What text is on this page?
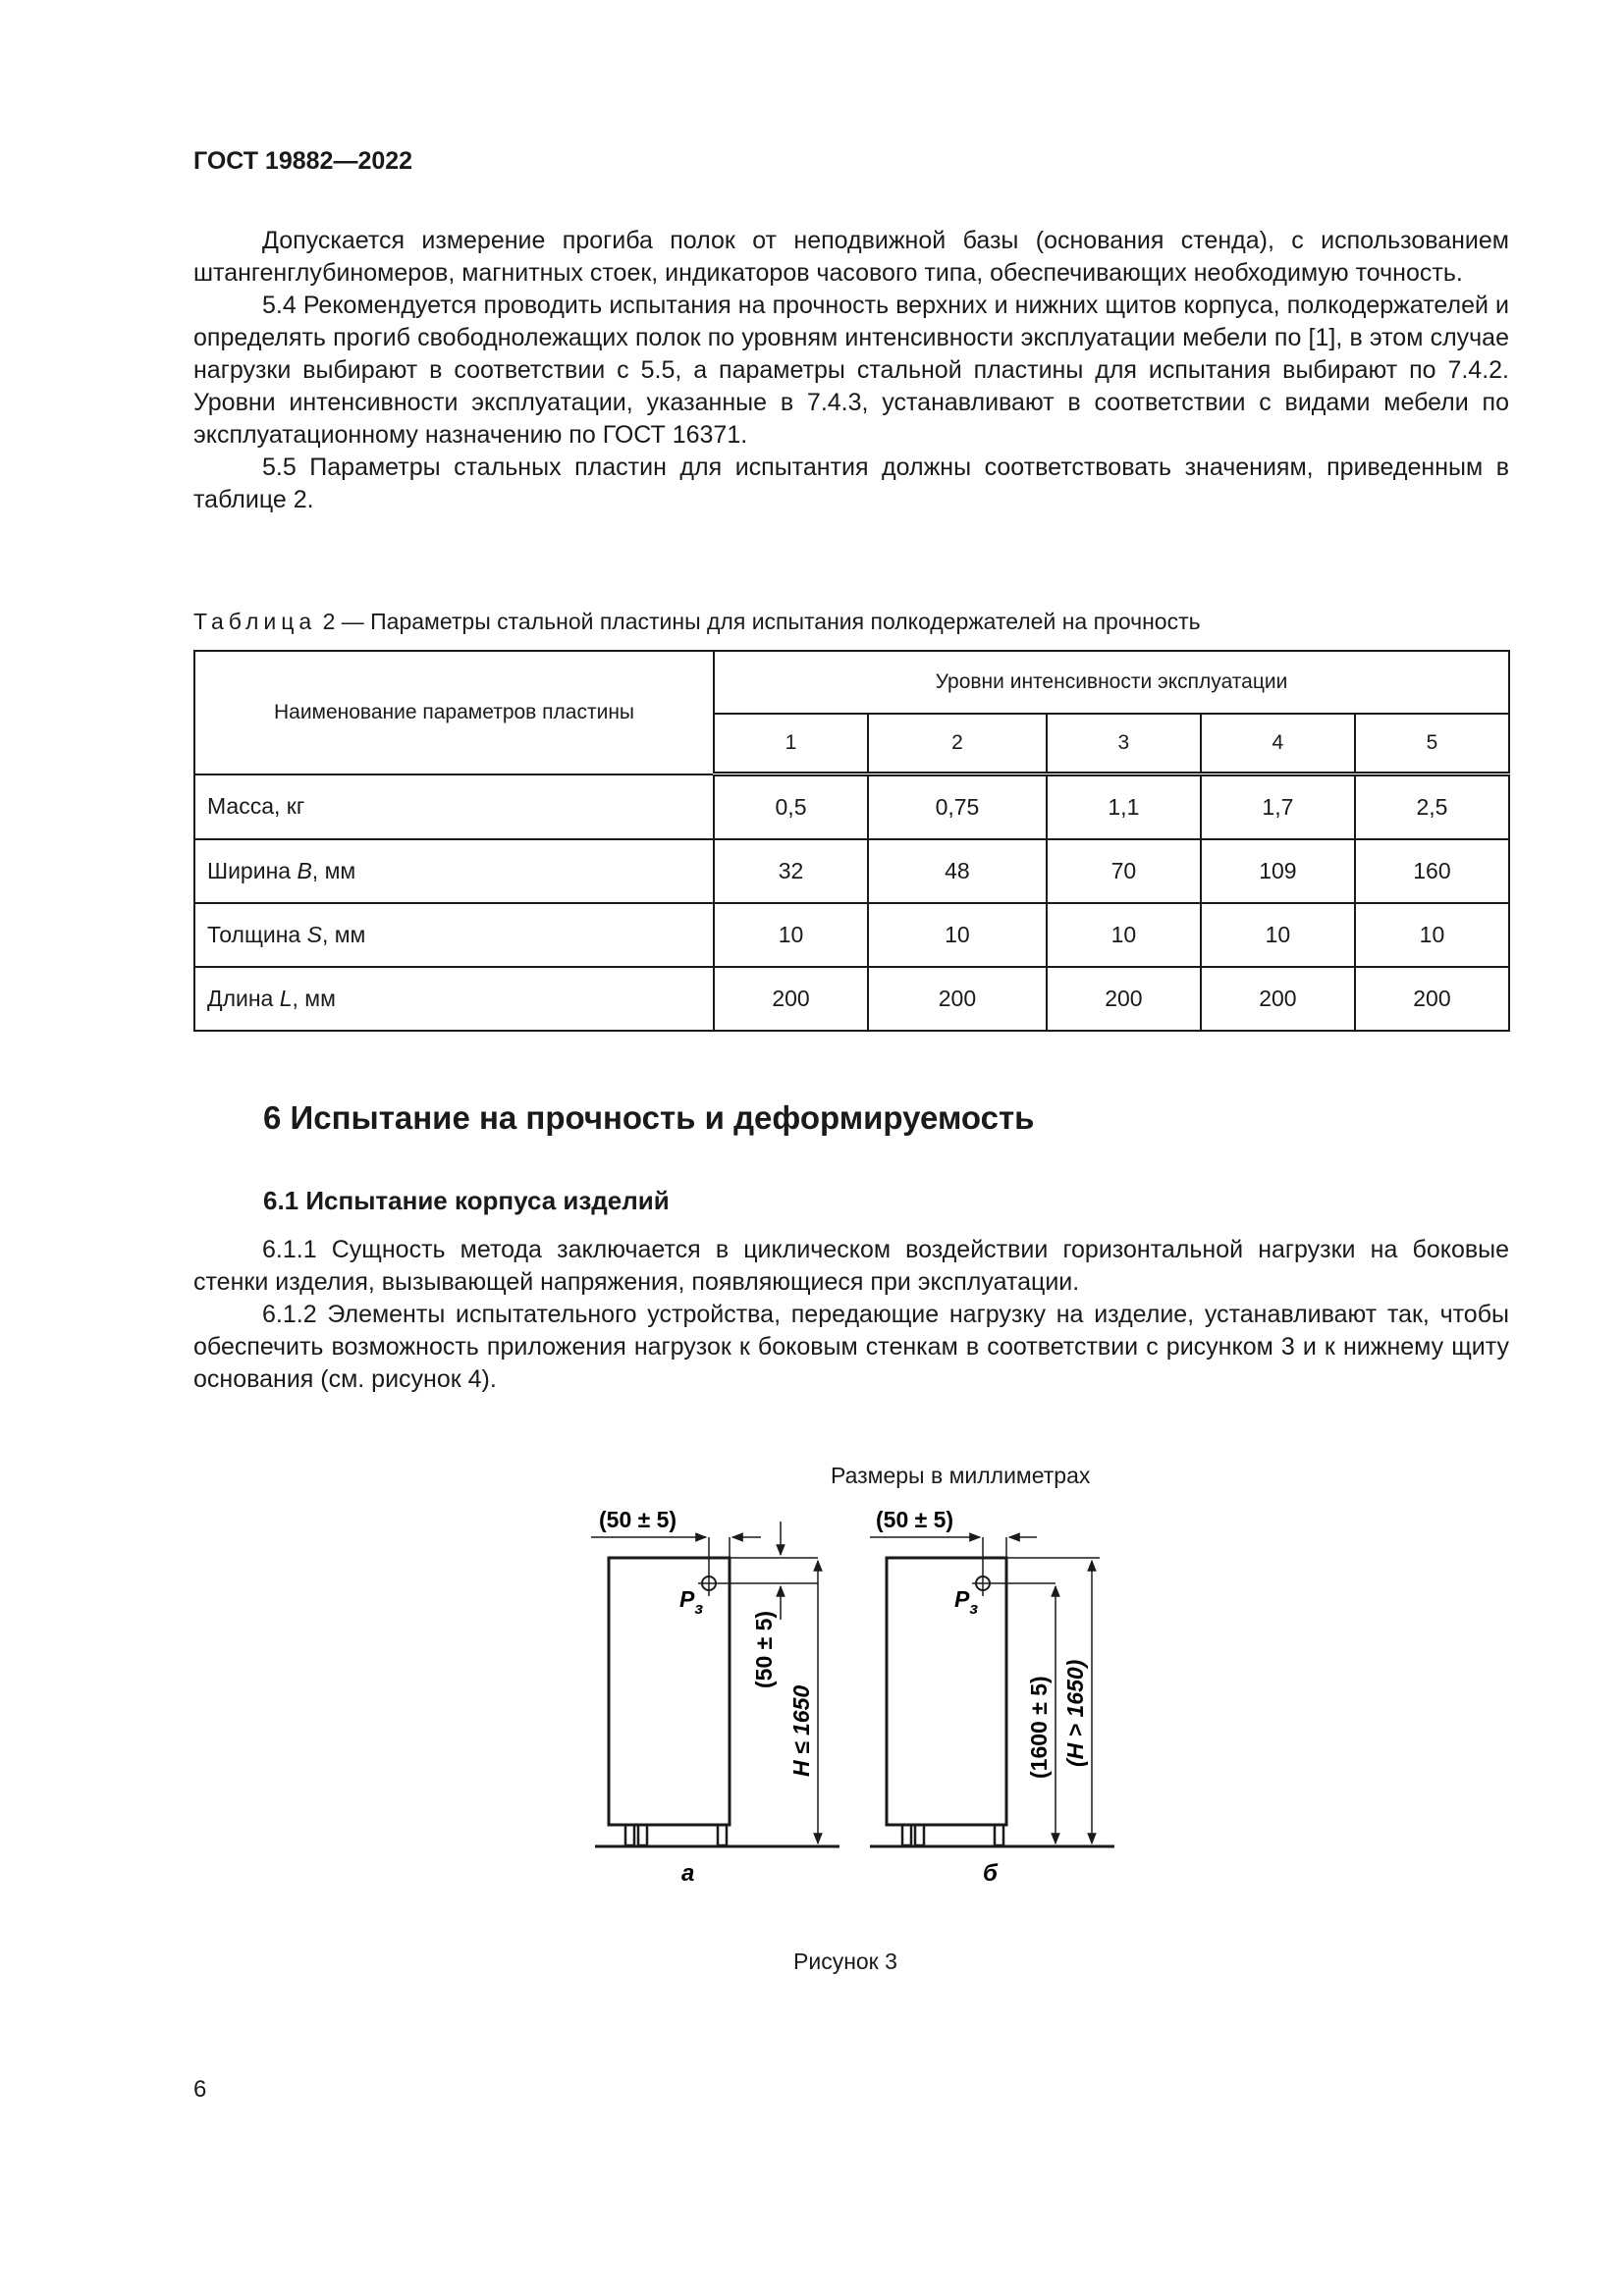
ГОСТ 19882—2022

Допускается измерение прогиба полок от неподвижной базы (основания стенда), с использованием штангенглубиномеров, магнитных стоек, индикаторов часового типа, обеспечивающих необходимую точность.

5.4 Рекомендуется проводить испытания на прочность верхних и нижних щитов корпуса, полкодержателей и определять прогиб свободнолежащих полок по уровням интенсивности эксплуатации мебели по [1], в этом случае нагрузки выбирают в соответствии с 5.5, а параметры стальной пластины для испытания выбирают по 7.4.2. Уровни интенсивности эксплуатации, указанные в 7.4.3, устанавливают в соответствии с видами мебели по эксплуатационному назначению по ГОСТ 16371.

5.5 Параметры стальных пластин для испытантия должны соответствовать значениям, приведенным в таблице 2.

Таблица 2 — Параметры стальной пластины для испытания полкодержателей на прочность
Наименование параметров пластины	Уровни интенсивности эксплуатации				
	1	2	3	4	5
Масса, кг	0,5	0,75	1,1	1,7	2,5
Ширина B, мм	32	48	70	109	160
Толщина S, мм	10	10	10	10	10
Длина L, мм	200	200	200	200	200
6 Испытание на прочность и деформируемость
6.1 Испытание корпуса изделий

6.1.1 Сущность метода заключается в циклическом воздействии горизонтальной нагрузки на боковые стенки изделия, вызывающей напряжения, появляющиеся при эксплуатации.

6.1.2 Элементы испытательного устройства, передающие нагрузку на изделие, устанавливают так, чтобы обеспечить возможность приложения нагрузок к боковым стенкам в соответствии с рисунком 3 и к нижнему щиту основания (см. рисунок 4).

Размеры в миллиметрах
(50 ± 5)
$P_з$
(50 ± 5)
H ≤ 1650
а
(50 ± 5)
$P_з$
(1600 ± 5) (H > 1650)
б
Рисунок 3
6
